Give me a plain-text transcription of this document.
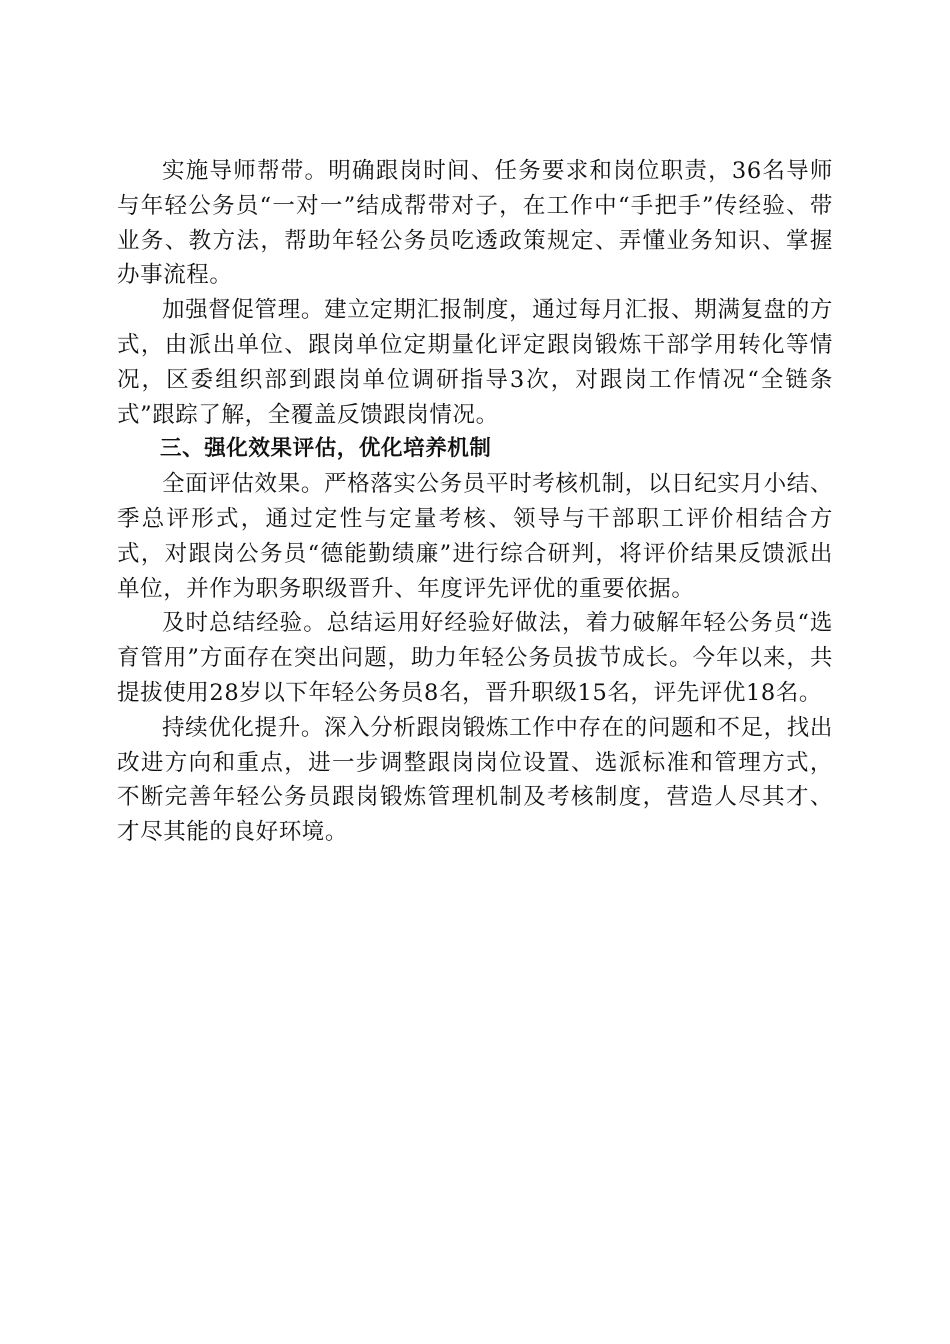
实施导师帮带。明确跟岗时间、任务要求和岗位职责，36名导师与年轻公务员“一对一”结成帮带对子，在工作中“手把手”传经验、带业务、教方法，帮助年轻公务员吃透政策规定、弄懂业务知识、掌握办事流程。

加强督促管理。建立定期汇报制度，通过每月汇报、期满复盘的方式，由派出单位、跟岗单位定期量化评定跟岗锻炼干部学用转化等情况，区委组织部到跟岗单位调研指导3次，对跟岗工作情况“全链条式”跟踪了解，全覆盖反馈跟岗情况。

三、强化效果评估，优化培养机制

全面评估效果。严格落实公务员平时考核机制，以日纪实月小结、季总评形式，通过定性与定量考核、领导与干部职工评价相结合方式，对跟岗公务员“德能勤绩廉”进行综合研判，将评价结果反馈派出单位，并作为职务职级晋升、年度评先评优的重要依据。

及时总结经验。总结运用好经验好做法，着力破解年轻公务员“选育管用”方面存在突出问题，助力年轻公务员拔节成长。今年以来，共提拔使用28岁以下年轻公务员8名，晋升职级15名，评先评优18名。

持续优化提升。深入分析跟岗锻炼工作中存在的问题和不足，找出改进方向和重点，进一步调整跟岗岗位设置、选派标准和管理方式，不断完善年轻公务员跟岗锻炼管理机制及考核制度，营造人尽其才、才尽其能的良好环境。
